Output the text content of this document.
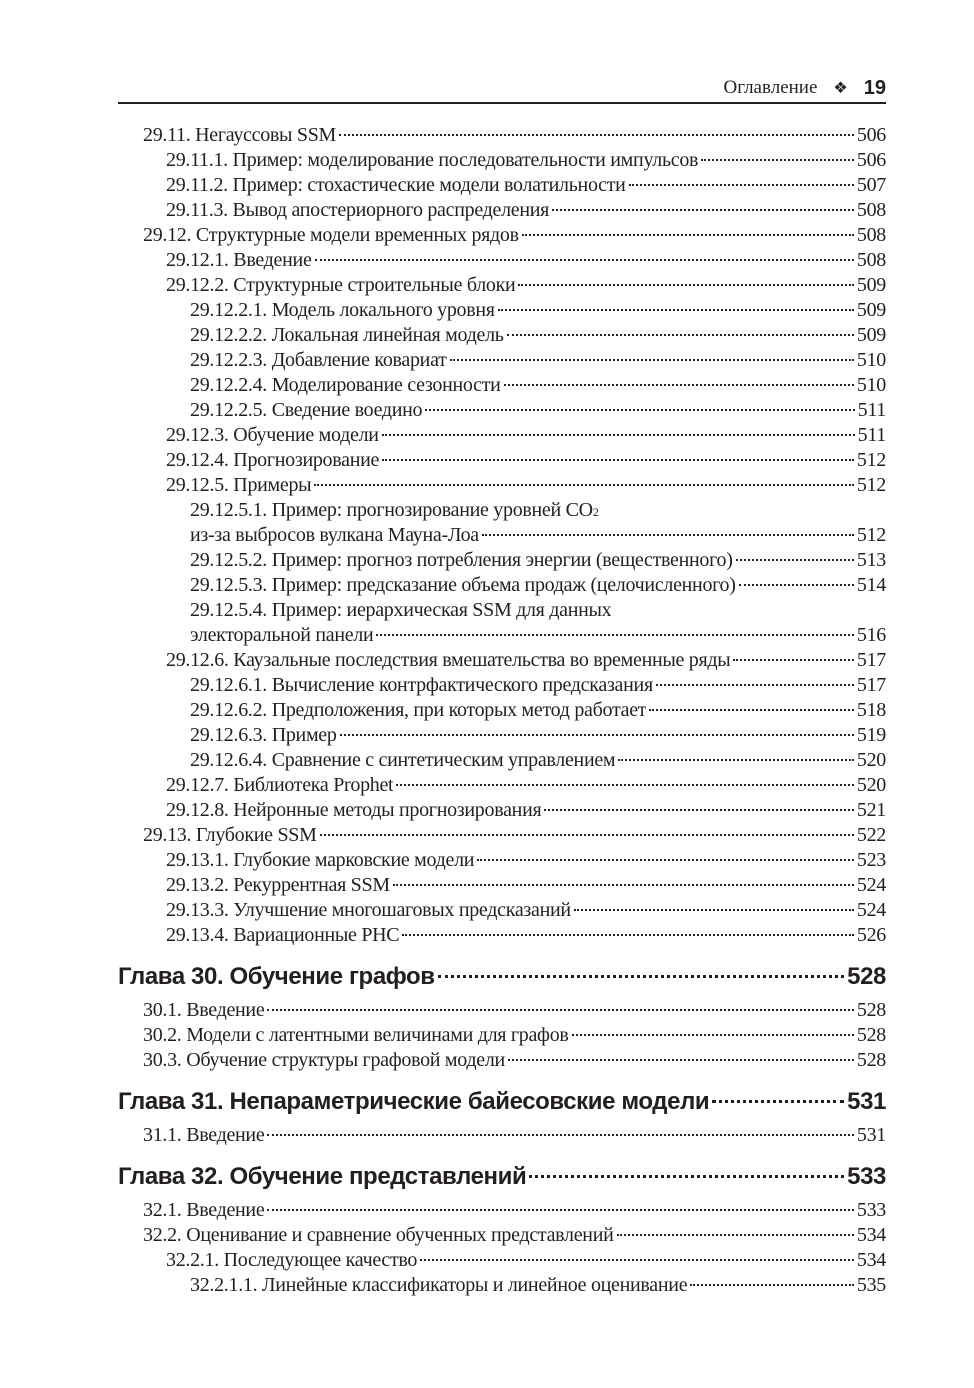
Оглавление ❖ 19
29.11. Негауссовы SSM	506
29.11.1. Пример: моделирование последовательности импульсов	506
29.11.2. Пример: стохастические модели волатильности	507
29.11.3. Вывод апостериорного распределения	508
29.12. Структурные модели временных рядов	508
29.12.1. Введение	508
29.12.2. Структурные строительные блоки	509
29.12.2.1. Модель локального уровня	509
29.12.2.2. Локальная линейная модель	509
29.12.2.3. Добавление ковариат	510
29.12.2.4. Моделирование сезонности	510
29.12.2.5. Сведение воедино	511
29.12.3. Обучение модели	511
29.12.4. Прогнозирование	512
29.12.5. Примеры	512
29.12.5.1. Пример: прогнозирование уровней CO 2
из-за выбросов вулкана Мауна-Лоа	512
29.12.5.2. Пример: прогноз потребления энергии (вещественного)	513
29.12.5.3. Пример: предсказание объема продаж (целочисленного)	514
29.12.5.4. Пример: иерархическая SSM для данных
электоральной панели	516
29.12.6. Каузальные последствия вмешательства во временные ряды	517
29.12.6.1. Вычисление контрфактического предсказания	517
29.12.6.2. Предположения, при которых метод работает	518
29.12.6.3. Пример	519
29.12.6.4. Сравнение с синтетическим управлением	520
29.12.7. Библиотека Prophet	520
29.12.8. Нейронные методы прогнозирования	521
29.13. Глубокие SSM	522
29.13.1. Глубокие марковские модели	523
29.13.2. Рекуррентная SSM	524
29.13.3. Улучшение многошаговых предсказаний	524
29.13.4. Вариационные РНС	526
Глава 30. Обучение графов	528
30.1. Введение	528
30.2. Модели с латентными величинами для графов	528
30.3. Обучение структуры графовой модели	528
Глава 31. Непараметрические байесовские модели	531
31.1. Введение	531
Глава 32. Обучение представлений	533
32.1. Введение	533
32.2. Оценивание и сравнение обученных представлений	534
32.2.1. Последующее качество	534
32.2.1.1. Линейные классификаторы и линейное оценивание	535
